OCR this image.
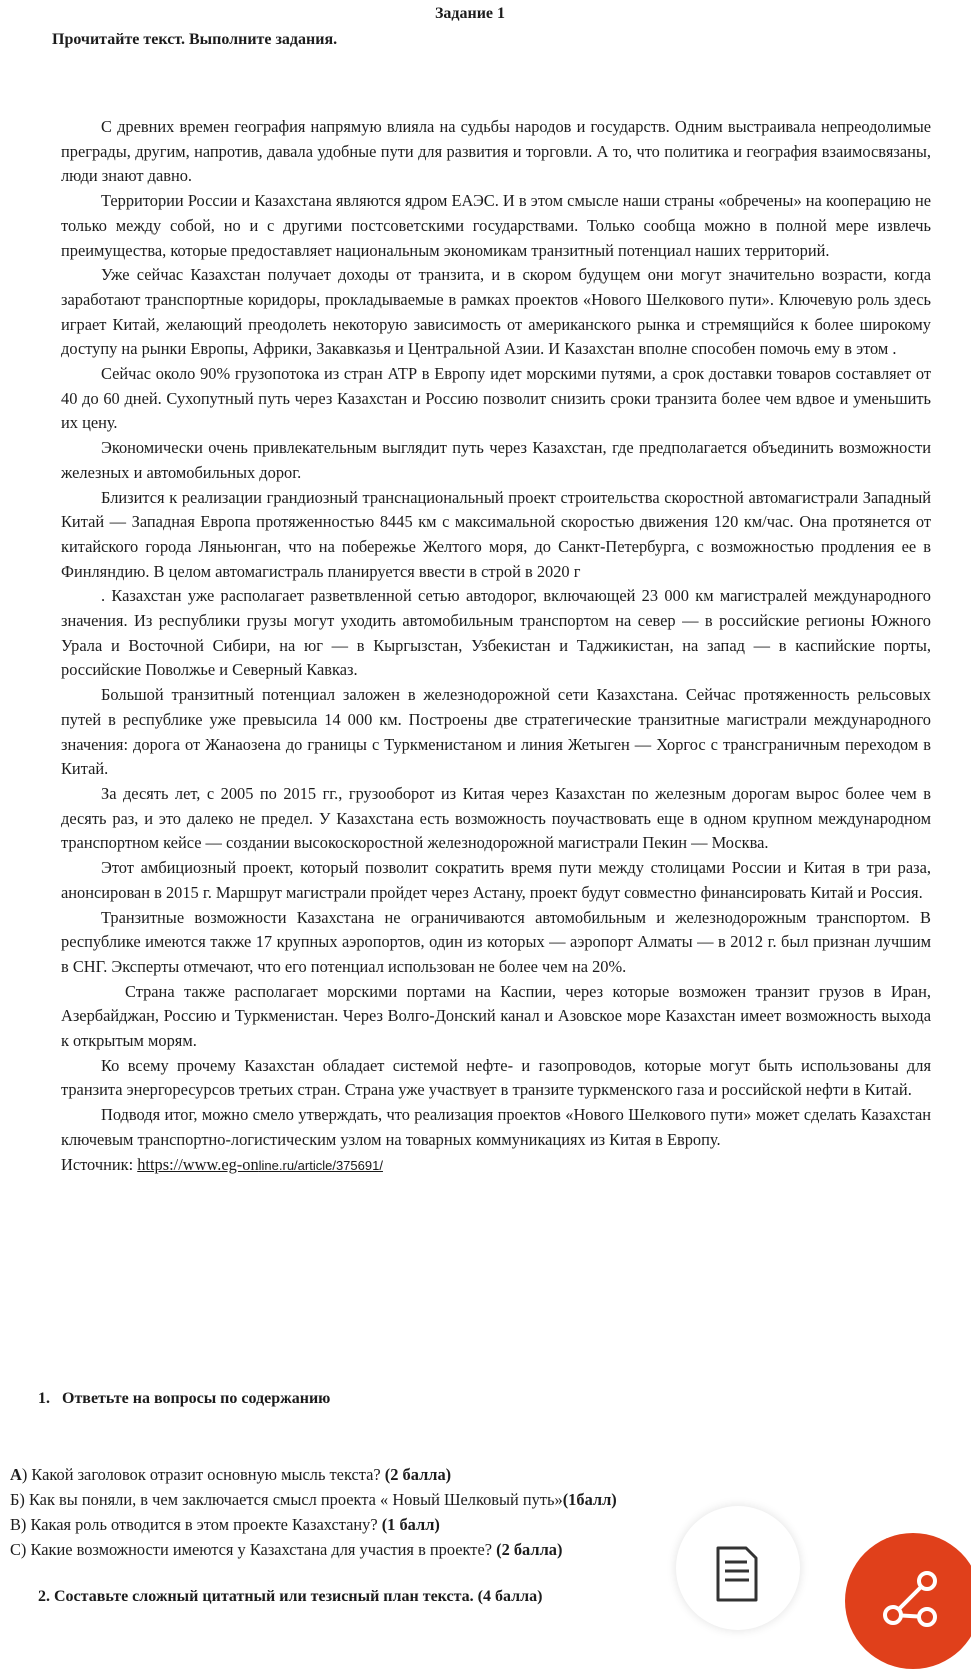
Задание 1
Прочитайте текст. Выполните задания.

С древних времен география напрямую влияла на судьбы народов и государств. Одним выстраивала непреодолимые преграды, другим, напротив, давала удобные пути для развития и торговли. А то, что политика и география взаимосвязаны, люди знают давно.

Территории России и Казахстана являются ядром ЕАЭС. И в этом смысле наши страны «обречены» на кооперацию не только между собой, но и с другими постсоветскими государствами. Только сообща можно в полной мере извлечь преимущества, которые предоставляет национальным экономикам транзитный потенциал наших территорий.

Уже сейчас Казахстан получает доходы от транзита, и в скором будущем они могут значительно возрасти, когда заработают транспортные коридоры, прокладываемые в рамках проектов «Нового Шелкового пути». Ключевую роль здесь играет Китай, желающий преодолеть некоторую зависимость от американского рынка и стремящийся к более широкому доступу на рынки Европы, Африки, Закавказья и Центральной Азии. И Казахстан вполне способен помочь ему в этом .

Сейчас около 90% грузопотока из стран АТР в Европу идет морскими путями, а срок доставки товаров составляет от 40 до 60 дней. Сухопутный путь через Казахстан и Россию позволит снизить сроки транзита более чем вдвое и уменьшить их цену.

Экономически очень привлекательным выглядит путь через Казахстан, где предполагается объединить возможности железных и автомобильных дорог.

Близится к реализации грандиозный транснациональный проект строительства скоростной автомагистрали Западный Китай — Западная Европа протяженностью 8445 км с максимальной скоростью движения 120 км/час. Она протянется от китайского города Ляньюнган, что на побережье Желтого моря, до Санкт-Петербурга, с возможностью продления ее в Финляндию. В целом автомагистраль планируется ввести в строй в 2020 г

. Казахстан уже располагает разветвленной сетью автодорог, включающей 23 000 км магистралей международного значения. Из республики грузы могут уходить автомобильным транспортом на север — в российские регионы Южного Урала и Восточной Сибири, на юг — в Кыргызстан, Узбекистан и Таджикистан, на запад — в каспийские порты, российские Поволжье и Северный Кавказ.

Большой транзитный потенциал заложен в железнодорожной сети Казахстана. Сейчас протяженность рельсовых путей в республике уже превысила 14 000 км. Построены две стратегические транзитные магистрали международного значения: дорога от Жанаозена до границы с Туркменистаном и линия Жетыген — Хоргос с трансграничным переходом в Китай.

За десять лет, с 2005 по 2015 гг., грузооборот из Китая через Казахстан по железным дорогам вырос более чем в десять раз, и это далеко не предел. У Казахстана есть возможность поучаствовать еще в одном крупном международном транспортном кейсе — создании высокоскоростной железнодорожной магистрали Пекин — Москва.

Этот амбициозный проект, который позволит сократить время пути между столицами России и Китая в три раза, анонсирован в 2015 г. Маршрут магистрали пройдет через Астану, проект будут совместно финансировать Китай и Россия.

Транзитные возможности Казахстана не ограничиваются автомобильным и железнодорожным транспортом. В республике имеются также 17 крупных аэропортов, один из которых — аэропорт Алматы — в 2012 г. был признан лучшим в СНГ. Эксперты отмечают, что его потенциал использован не более чем на 20%.

Страна также располагает морскими портами на Каспии, через которые возможен транзит грузов в Иран, Азербайджан, Россию и Туркменистан. Через Волго-Донский канал и Азовское море Казахстан имеет возможность выхода к открытым морям.

Ко всему прочему Казахстан обладает системой нефте- и газопроводов, которые могут быть использованы для транзита энергоресурсов третьих стран. Страна уже участвует в транзите туркменского газа и российской нефти в Китай.

Подводя итог, можно смело утверждать, что реализация проектов «Нового Шелкового пути» может сделать Казахстан ключевым транспортно-логистическим узлом на товарных коммуникациях из Китая в Европу.

Источник: https://www.eg-online.ru/article/375691/

1. Ответьте на вопросы по содержанию
А) Какой заголовок отразит основную мысль текста? (2 балла)
Б) Как вы поняли, в чем заключается смысл проекта « Новый Шелковый путь»(1балл)
В) Какая роль отводится в этом проекте Казахстану? (1 балл)
С) Какие возможности имеются у Казахстана для участия в проекте? (2 балла)
2. Составьте сложный цитатный или тезисный план текста. (4 балла)
